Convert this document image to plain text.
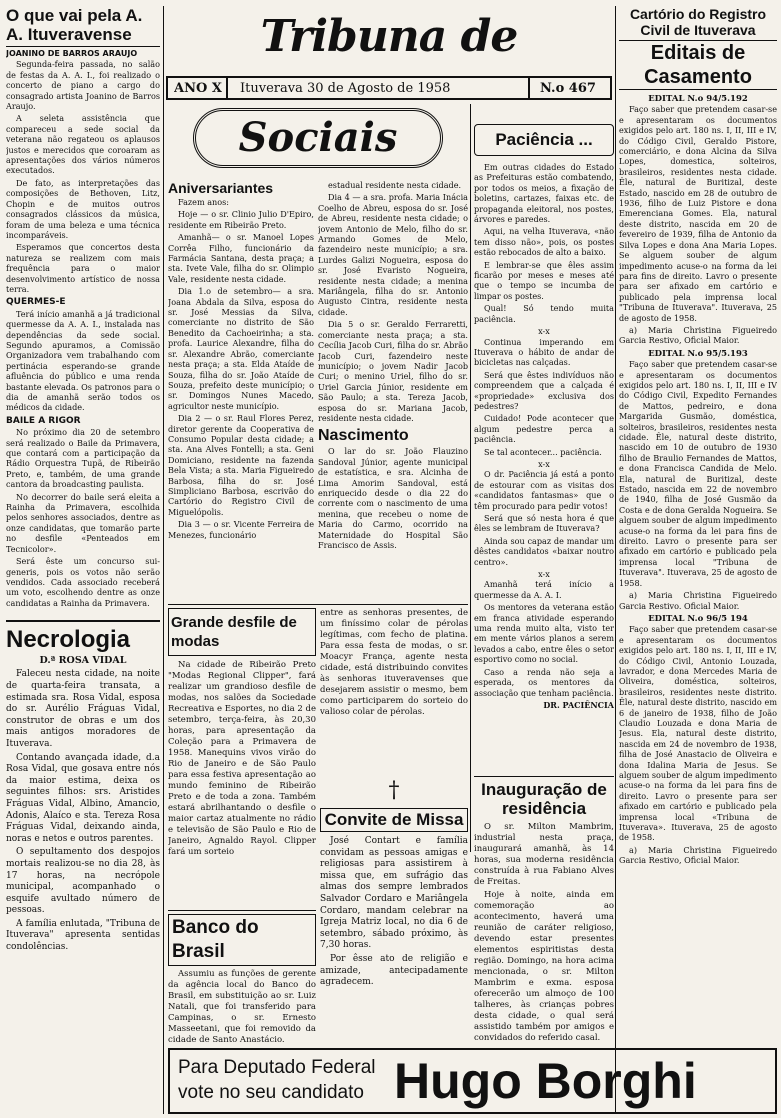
O que vai pela A. A. Ituveravense
JOANINO DE BARROS ARAUJO

Segunda-feira passada, no salão de festas da A. A. I., foi realizado o concerto de piano a cargo do consagrado artista Joanino de Barros Araujo.

A seleta assistência que compareceu a sede social da veterana não regateou os aplausos justos e merecidos que coroaram as apresentações dos vários números executados.

De fato, as interpretações das composições de Bethoven, Litz, Chopin e de muitos outros consagrados clássicos da música, foram de uma beleza e uma técnica incomparáveis.

Esperamos que concertos desta natureza se realizem com mais frequência para o maior desenvolvimento artístico de nossa terra.

QUERMES-E

Terá início amanhã a já tradicional quermesse da A. A. I., instalada nas dependências da sede social. Segundo apuramos, a Comissão Organizadora vem trabalhando com pertinácia esperando-se grande afluência do público e uma renda bastante elevada. Os patronos para o dia de amanhã serão todos os médicos da cidade.

BAILE A RIGOR

No próximo dia 20 de setembro será realizado o Baile da Primavera, que contará com a participação da Rádio Orquestra Tupã, de Ribeirão Preto, e, também, de uma grande cantora da broadcasting paulista.

No decorrer do baile será eleita a Rainha da Primavera, escolhida pelos senhores associados, dentre as onze candidatas, que tomarão parte no desfile «Penteados em Tecnicolor».

Será êste um concurso sui-generis, pois os votos não serão vendidos. Cada associado receberá um voto, escolhendo dentre as onze candidatas a Rainha da Primavera.

Necrologia
D.ª ROSA VIDAL

Faleceu nesta cidade, na noite de quarta-feira transata, a estimada sra. Rosa Vidal, esposa do sr. Aurélio Fráguas Vidal, construtor de obras e um dos mais antigos moradores de Ituverava.

Contando avançada idade, d.a Rosa Vidal, que gosava entre nós da maior estima, deixa os seguintes filhos: srs. Aristides Fráguas Vidal, Albino, Amancio, Adonis, Alaíco e sta. Tereza Rosa Fráguas Vidal, deixando ainda, noras e netos e outros parentes.

O sepultamento dos despojos mortais realizou-se no dia 28, às 17 horas, na necrópole municipal, acompanhado o esquife avultado número de pessoas.

A família enlutada, "Tribuna de Ituverava" apresenta sentidas condolências.

Tribuna de
ANO X Ituverava 30 de Agosto de 1958	N.o 467
Sociais
Aniversariantes

Fazem anos:

Hoje — o sr. Clinio Julio D'Epiro, residente em Ribeirão Preto.

Amanhã— o sr. Manoel Lopes Corrêa Filho, funcionário da Farmácia Santana, desta praça; a sta. Ivete Vale, filha do sr. Olimpio Vale, residente nesta cidade.

Dia 1.o de setembro— a sra. Joana Abdala da Silva, esposa do sr. José Messias da Silva, comerciante no distrito de São Benedito da Cachoeirinha; a sta. profa. Laurice Alexandre, filha do sr. Alexandre Abrão, comerciante nesta praça; a sta. Elda Ataíde de Souza, filha do sr. João Ataíde de Souza, prefeito deste município; o sr. Domingos Nunes Macedo, agricultor neste município.

Dia 2 — o sr. Raul Flores Perez, diretor gerente da Cooperativa de Consumo Popular desta cidade; a sta. Ana Alves Fontelli; a sta. Geni Domiciano, residente na fazenda Bela Vista; a sta. Maria Figueiredo Barbosa, filha do sr. José Simpliciano Barbosa, escrivão do Cartório do Registro Civil de Miguelópolis.

Dia 3 — o sr. Vicente Ferreira de Menezes, funcionário

estadual residente nesta cidade.

Dia 4 — a sra. profa. Maria Inácia Coelho de Abreu, esposa do sr. José de Abreu, residente nesta cidade; o jovem Antonio de Melo, filho do sr. Armando Gomes de Melo, fazendeiro neste município; a sra. Lurdes Galizi Nogueira, esposa do sr. José Evaristo Nogueira, residente nesta cidade; a menina Mariângela, filha do sr. Antonio Augusto Cintra, residente nesta cidade.

Dia 5 o sr. Geraldo Ferraretti, comerciante nesta praça; a sta. Cecília Jacob Curi, filha do sr. Abrão Jacob Curi, fazendeiro neste município; o jovem Nadir Jacob Curi; o menino Uriel, filho do sr. Uriel Garcia Júnior, residente em São Paulo; a sta. Tereza Jacob, esposa do sr. Mariana Jacob, residente nesta cidade.

Nascimento

O lar do sr. João Flauzino Sandoval Júnior, agente municipal de estatística, e sra. Alcinha de Lima Amorim Sandoval, está enriquecido desde o dia 22 do corrente com o nascimento de uma menina, que recebeu o nome de Maria do Carmo, ocorrido na Maternidade do Hospital São Francisco de Assis.

Paciência ...

Em outras cidades do Estado as Prefeituras estão combatendo, por todos os meios, a fixação de boletins, cartazes, faixas etc. de propaganda eleitoral, nos postes, árvores e paredes.

Aqui, na velha Ituverava, «não tem disso não», pois, os postes estão rebocados de alto a baixo.

E lembrar-se que êles assim ficarão por meses e meses até que o tempo se incumba de limpar os postes.

Qual! Só tendo muita paciência.

x-x

Continua imperando em Ituverava o hábito de andar de bicicletas nas calçadas.

Será que êstes indivíduos não compreendem que a calçada é «propriedade» exclusiva dos pedestres?

Cuidado! Pode acontecer que algum pedestre perca a paciência.

Se tal acontecer... paciência.

x-x

O dr. Paciência já está a ponto de estourar com as visitas dos «candidatos fantasmas» que o têm procurado para pedir votos!

Será que só nesta hora é que êles se lembram de Ituverava?

Ainda sou capaz de mandar um dêstes candidatos «baixar noutro centro».

x-x

Amanhã terá início a quermesse da A. A. I.

Os mentores da veterana estão em franca atividade esperando uma renda muito alta, visto ter em mente vários planos a serem levados a cabo, entre êles o setor esportivo como no social.

Caso a renda não seja a esperada, os mentores da associação que tenham paciência.

DR. PACIÊNCIA
Grande desfile de modas

Na cidade de Ribeirão Preto "Modas Regional Clipper", fará realizar um grandioso desfile de modas, nos salões da Sociedade Recreativa e Esportes, no dia 2 de setembro, terça-feira, às 20,30 horas, para apresentação da Coleção para a Primavera de 1958. Manequins vivos virão do Rio de Janeiro e de São Paulo para essa festiva apresentação ao mundo feminino de Ribeirão Preto e de toda a zona. Também estará abrilhantando o desfile o maior cartaz atualmente no rádio e televisão de São Paulo e Rio de Janeiro, Agnaldo Rayol. Clipper fará um sorteio

entre as senhoras presentes, de um finíssimo colar de pérolas legítimas, com fecho de platina. Para essa festa de modas, o sr. Moacyr França, agente nesta cidade, está distribuindo convites às senhoras ituveravenses que desejarem assistir o mesmo, bem como participarem do sorteio do valioso colar de pérolas.

Banco do Brasil

Assumiu as funções de gerente da agência local do Banco do Brasil, em substituição ao sr. Luiz Natali, que foi transferido para Campinas, o sr. Ernesto Masseetani, que foi removido da cidade de Santo Anastácio.

†
Convite de Missa

José Contart e família convidam as pessoas amigas e religiosas para assistirem à missa que, em sufrágio das almas dos sempre lembrados Salvador Cordaro e Mariângela Cordaro, mandam celebrar na Igreja Matriz local, no dia 6 de setembro, sábado próximo, às 7,30 horas.

Por êsse ato de religião e amizade, antecipadamente agradecem.

Inauguração de residência

O sr. Milton Mambrim, industrial nesta praça, inaugurará amanhã, às 14 horas, sua moderna residência construída à rua Fabiano Alves de Freitas.

Hoje à noite, ainda em comemoração ao acontecimento, haverá uma reunião de caráter religioso, devendo estar presentes elementos espiritistas desta região. Domingo, na hora acima mencionada, o sr. Milton Mambrim e exma. esposa oferecerão um almoço de 100 talheres, às crianças pobres desta cidade, o qual será assistido também por amigos e convidados do referido casal.

Cartório do Registro Civil de Ituverava
Editais de Casamento
EDITAL N.o 94/5.192

Faço saber que pretendem casar-se e apresentaram os documentos exigidos pelo art. 180 ns. I, II, III e IV, do Código Civil, Geraldo Pistore, comerciário, e dona Alcina da Silva Lopes, domestica, solteiros, brasileiros, residentes nesta cidade. Êle, natural de Buritizal, deste Estado, nascido em 28 de outubro de 1936, filho de Luiz Pistore e dona Emerenciana Gomes. Ela, natural deste distrito, nascida em 20 de fevereiro de 1939, filha de Antonio da Silva Lopes e dona Ana Maria Lopes. Se alguem souber de algum impedimento acuse-o na forma da lei para fins de direito. Lavro o presente para ser afixado em cartório e publicado pela imprensa local "Tribuna de Ituverava". Ituverava, 25 de agosto de 1958.

a) Maria Christina Figueiredo Garcia Restivo, Oficial Maior.

EDITAL N.o 95/5.193

Faço saber que pretendem casar-se e apresentaram os documentos exigidos pelo art. 180 ns. I, II, III e IV do Código Civil, Expedito Fernandes de Mattos, pedreiro, e dona Margarida Gusmão, doméstica, solteiros, brasileiros, residentes nesta cidade. Êle, natural deste distrito, nascido em 10 de outubro de 1930 filho de Braulio Fernandes de Mattos, e dona Francisca Candida de Melo. Ela, natural de Buritizal, deste Estado, nascida em 22 de novembro de 1940, filha de José Gusmão da Costa e de dona Geralda Nogueira. Se alguem souber de algum impedimento acuse-o na forma da lei para fins de direito. Lavro o presente para ser afixado em cartório e publicado pela imprensa local "Tribuna de Ituverava". Ituverava, 25 de agosto de 1958.

a) Maria Christina Figueiredo Garcia Restivo. Oficial Maior.

EDITAL N.o 96/5 194

Faço saber que pretendem casar-se e apresentaram os documentos exigidos pelo art. 180 ns. I, II, III e IV, do Código Civil, Antonio Louzada, lavrador, e dona Mercedes Maria de Oliveira, doméstica, solteiros, brasileiros, residentes neste distrito. Êle, natural deste distrito, nascido em 6 de janeiro de 1938, filho de João Claudio Louzada e dona Maria de Jesus. Ela, natural deste distrito, nascida em 24 de novembro de 1938, filha de José Anastacio de Oliveira e dona Idalina Maria de Jesus. Se alguem souber de algum impedimento acuse-o na forma da lei para fins de direito. Lavro o presente para ser afixado em cartório e publicado pela imprensa local «Tribuna de Ituverava». Ituverava, 25 de agosto de 1958.

a) Maria Christina Figueiredo Garcia Restivo, Oficial Maior.

Para Deputado Federal
vote no seu candidato Hugo Borghi
